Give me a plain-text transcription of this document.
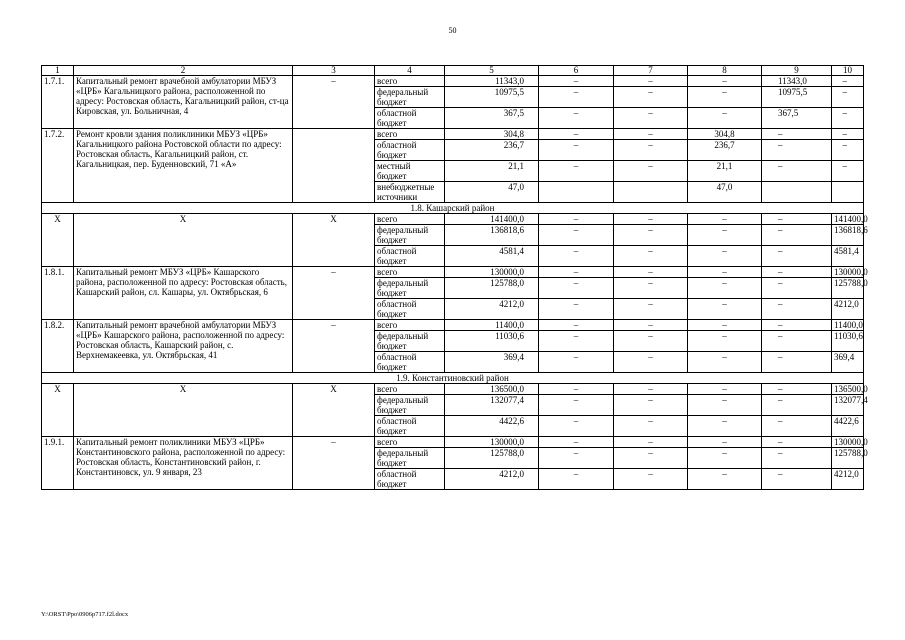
50
1	2	3	4	5	6	7	8	9	10
1.7.1.	Капитальный ремонт врачебной амбулатории МБУЗ «ЦРБ» Кагальницкого района, расположенной по адресу: Ростовская область, Кагальницкий район, ст-ца Кировская, ул. Больничная, 4	–	всего	11343,0	–	–	–	11343,0	–
			федеральный бюджет	10975,5	–	–	–	10975,5	–
			областной бюджет	367,5	–	–	–	367,5	–
1.7.2.	Ремонт кровли здания поликлиники МБУЗ «ЦРБ» Кагальницкого района Ростовской области по адресу: Ростовская область, Кагальницкий район, ст. Кагальницкая, пер. Буденновский, 71 «А»		всего	304,8	–	–	304,8	–	–
			областной бюджет	236,7	–	–	236,7	–	–
			местный бюджет	21,1	–	–	21,1	–	–
			внебюджетные источники	47,0			47,0		
1.8. Кашарский район									
Х	Х	Х	всего	141400,0	–	–	–	–	141400,0
			федеральный бюджет	136818,6	–	–	–	–	136818,6
			областной бюджет	4581,4	–	–	–	–	4581,4
1.8.1.	Капитальный ремонт МБУЗ «ЦРБ» Кашарского района, расположенной по адресу: Ростовская область, Кашарский район, сл. Кашары, ул. Октябрьская, 6	–	всего	130000,0	–	–	–	–	130000,0
			федеральный бюджет	125788,0	–	–	–	–	125788,0
			областной бюджет	4212,0	–	–	–	–	4212,0
1.8.2.	Капитальный ремонт врачебной амбулатории МБУЗ «ЦРБ» Кашарского района, расположенной по адресу: Ростовская область, Кашарский район, с. Верхнемакеевка, ул. Октябрьская, 41	–	всего	11400,0	–	–	–	–	11400,0
			федеральный бюджет	11030,6	–	–	–	–	11030,6
			областной бюджет	369,4	–	–	–	–	369,4
1.9. Константиновский район									
Х	Х	Х	всего	136500,0	–	–	–	–	136500,0
			федеральный бюджет	132077,4	–	–	–	–	132077,4
			областной бюджет	4422,6	–	–	–	–	4422,6
1.9.1.	Капитальный ремонт поликлиники МБУЗ «ЦРБ» Константиновского района, расположенной по адресу: Ростовская область, Константиновский район, г. Константиновск, ул. 9 января, 23	–	всего	130000,0	–	–	–	–	130000,0
			федеральный бюджет	125788,0	–	–	–	–	125788,0
			областной бюджет	4212,0	–	–	–	–	4212,0
Y:\ORST\Ppo\0906p717.f2l.docx
